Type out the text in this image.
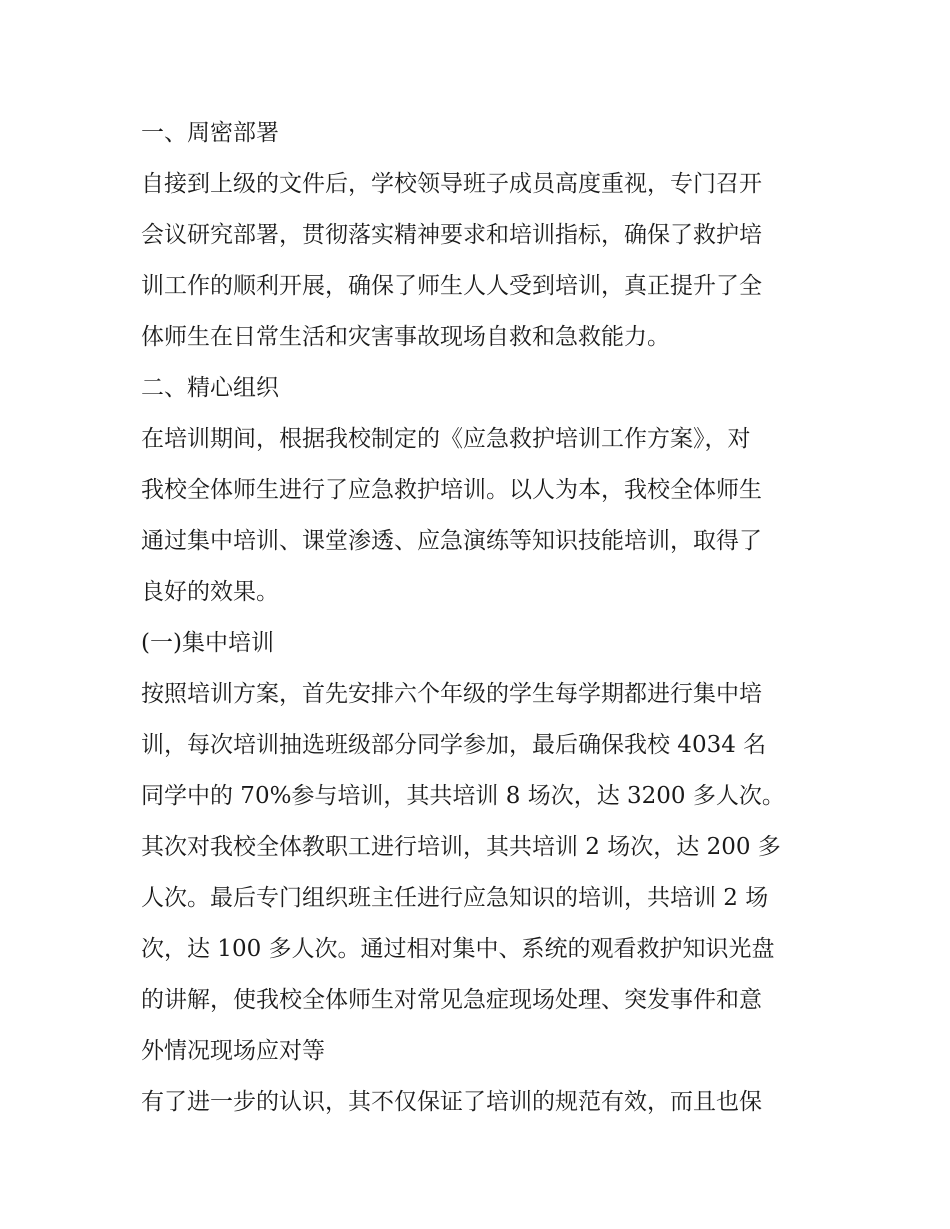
一、周密部署
自接到上级的文件后，学校领导班子成员高度重视，专门召开
会议研究部署，贯彻落实精神要求和培训指标，确保了救护培
训工作的顺利开展，确保了师生人人受到培训，真正提升了全
体师生在日常生活和灾害事故现场自救和急救能力。
二、精心组织
在培训期间，根据我校制定的《应急救护培训工作方案》，对
我校全体师生进行了应急救护培训。以人为本，我校全体师生
通过集中培训、课堂渗透、应急演练等知识技能培训，取得了
良好的效果。
(一)集中培训
按照培训方案，首先安排六个年级的学生每学期都进行集中培
训，每次培训抽选班级部分同学参加，最后确保我校 4034 名
同学中的 70%参与培训，其共培训 8 场次，达 3200 多人次。
其次对我校全体教职工进行培训，其共培训 2 场次，达 200 多
人次。最后专门组织班主任进行应急知识的培训，共培训 2 场
次，达 100 多人次。通过相对集中、系统的观看救护知识光盘
的讲解，使我校全体师生对常见急症现场处理、突发事件和意
外情况现场应对等
有了进一步的认识，其不仅保证了培训的规范有效，而且也保
